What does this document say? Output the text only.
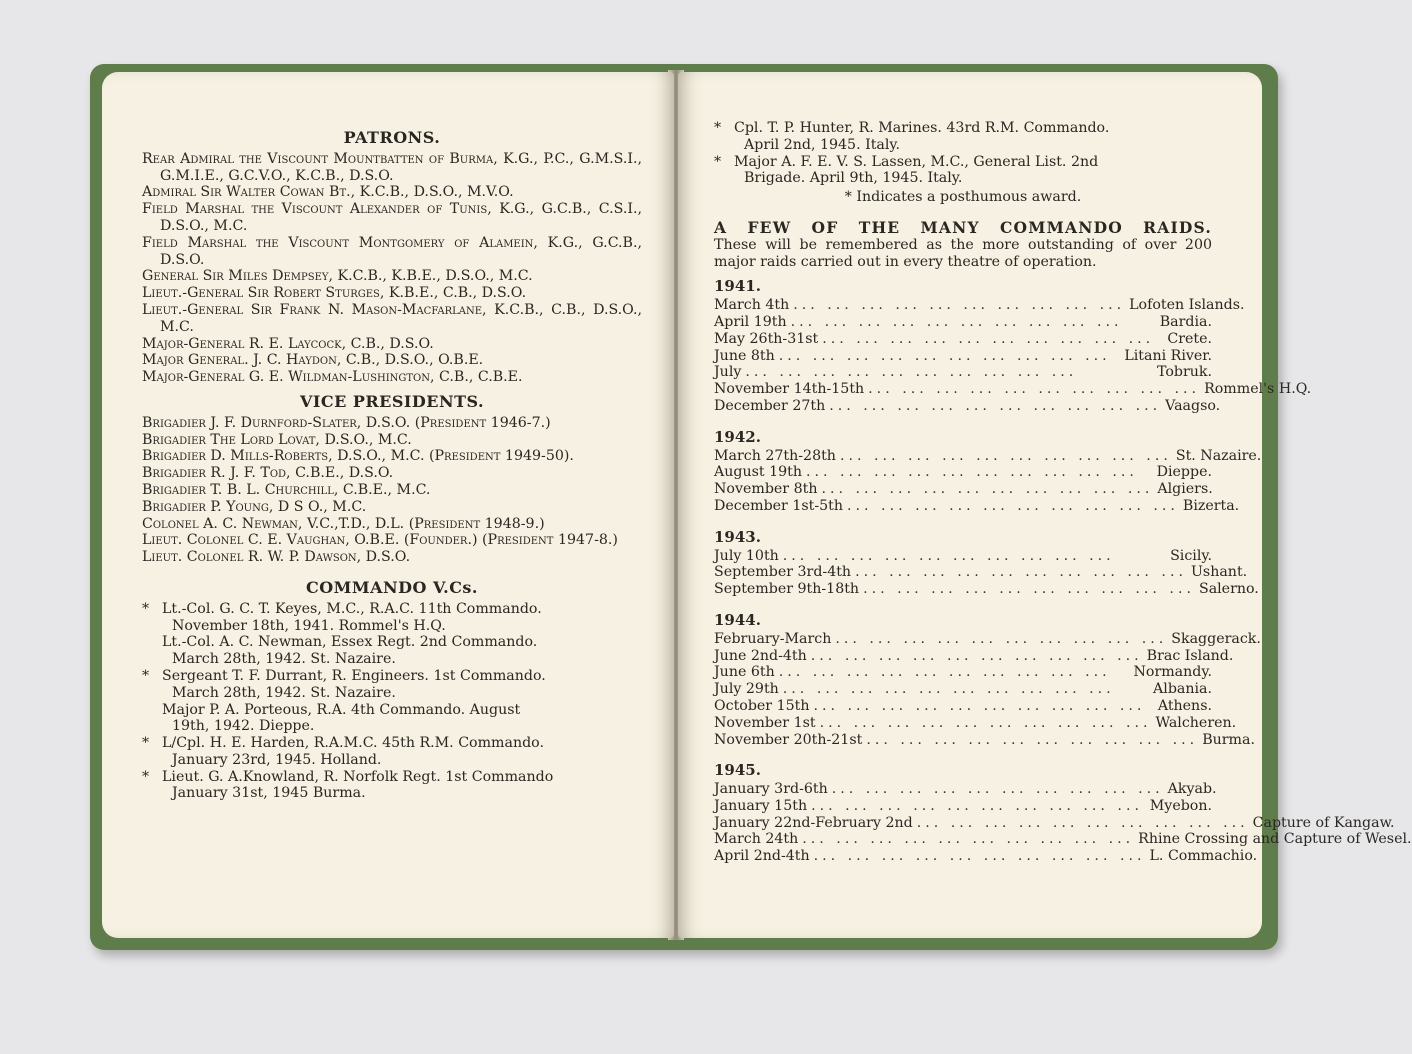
PATRONS.
Rear Admiral the Viscount Mountbatten of Burma, K.G., P.C., G.M.S.I., G.M.I.E., G.C.V.O., K.C.B., D.S.O.
Admiral Sir Walter Cowan Bt., K.C.B., D.S.O., M.V.O.
Field Marshal the Viscount Alexander of Tunis, K.G., G.C.B., C.S.I., D.S.O., M.C.
Field Marshal the Viscount Montgomery of Alamein, K.G., G.C.B., D.S.O.
General Sir Miles Dempsey, K.C.B., K.B.E., D.S.O., M.C.
Lieut.-General Sir Robert Sturges, K.B.E., C.B., D.S.O.
Lieut.-General Sir Frank N. Mason-Macfarlane, K.C.B., C.B., D.S.O., M.C.
Major-General R. E. Laycock, C.B., D.S.O.
Major General. J. C. Haydon, C.B., D.S.O., O.B.E.
Major-General G. E. Wildman-Lushington, C.B., C.B.E.
VICE PRESIDENTS.
Brigadier J. F. Durnford-Slater, D.S.O. (President 1946-7.)
Brigadier The Lord Lovat, D.S.O., M.C.
Brigadier D. Mills-Roberts, D.S.O., M.C. (President 1949-50).
Brigadier R. J. F. Tod, C.B.E., D.S.O.
Brigadier T. B. L. Churchill, C.B.E., M.C.
Brigadier P. Young, D S O., M.C.
Colonel A. C. Newman, V.C.,T.D., D.L. (President 1948-9.)
Lieut. Colonel C. E. Vaughan, O.B.E. (Founder.) (President 1947-8.)
Lieut. Colonel R. W. P. Dawson, D.S.O.
COMMANDO V.Cs.
* Lt.-Col. G. C. T. Keyes, M.C., R.A.C. 11th Commando.
November 18th, 1941. Rommel's H.Q.
Lt.-Col. A. C. Newman, Essex Regt. 2nd Commando.
March 28th, 1942. St. Nazaire.
* Sergeant T. F. Durrant, R. Engineers. 1st Commando.
March 28th, 1942. St. Nazaire.
Major P. A. Porteous, R.A. 4th Commando. August
19th, 1942. Dieppe.
* L/Cpl. H. E. Harden, R.A.M.C. 45th R.M. Commando.
January 23rd, 1945. Holland.
* Lieut. G. A.Knowland, R. Norfolk Regt. 1st Commando
January 31st, 1945 Burma.
* Cpl. T. P. Hunter, R. Marines. 43rd R.M. Commando.
April 2nd, 1945. Italy.
* Major A. F. E. V. S. Lassen, M.C., General List. 2nd
Brigade. April 9th, 1945. Italy.
* Indicates a posthumous award.
A FEW OF THE MANY COMMANDO RAIDS.
These will be remembered as the more outstanding of over 200 major raids carried out in every theatre of operation.
1941.
March 4th ... ... ... ... ... ... ... ... ... ... Lofoten Islands.
April 19th ... ... ... ... ... ... ... ... ... ...	Bardia.
May 26th-31st ... ... ... ... ... ... ... ... ... ... Crete.
June 8th ... ... ... ... ... ... ... ... ... ... Litani River.
July ... ... ... ... ... ... ... ... ... ...	Tobruk.
November 14th-15th ... ... ... ... ... ... ... ... ... ... Rommel's H.Q.
December 27th ... ... ... ... ... ... ... ... ... ... Vaagso.
1942.
March 27th-28th ... ... ... ... ... ... ... ... ... ... St. Nazaire.
August 19th ... ... ... ... ... ... ... ... ... ...	Dieppe.
November 8th ... ... ... ... ... ... ... ... ... ... Algiers.
December 1st-5th ... ... ... ... ... ... ... ... ... ... Bizerta.
1943.
July 10th ... ... ... ... ... ... ... ... ... ...	Sicily.
September 3rd-4th ... ... ... ... ... ... ... ... ... ... Ushant.
September 9th-18th ... ... ... ... ... ... ... ... ... ... Salerno.
1944.
February-March ... ... ... ... ... ... ... ... ... ... Skaggerack.
June 2nd-4th ... ... ... ... ... ... ... ... ... ... Brac Island.
June 6th ... ... ... ... ... ... ... ... ... ...	Normandy.
July 29th ... ... ... ... ... ... ... ... ... ...	Albania.
October 15th ... ... ... ... ... ... ... ... ... ... Athens.
November 1st ... ... ... ... ... ... ... ... ... ... Walcheren.
November 20th-21st ... ... ... ... ... ... ... ... ... ... Burma.
1945.
January 3rd-6th ... ... ... ... ... ... ... ... ... ... Akyab.
January 15th ... ... ... ... ... ... ... ... ... ... Myebon.
January 22nd-February 2nd ... ... ... ... ... ... ... ... ... ... Capture of Kangaw.
March 24th ... ... ... ... ... ... ... ... ... ... Rhine Crossing and Capture of Wesel.
April 2nd-4th ... ... ... ... ... ... ... ... ... ... L. Commachio.
